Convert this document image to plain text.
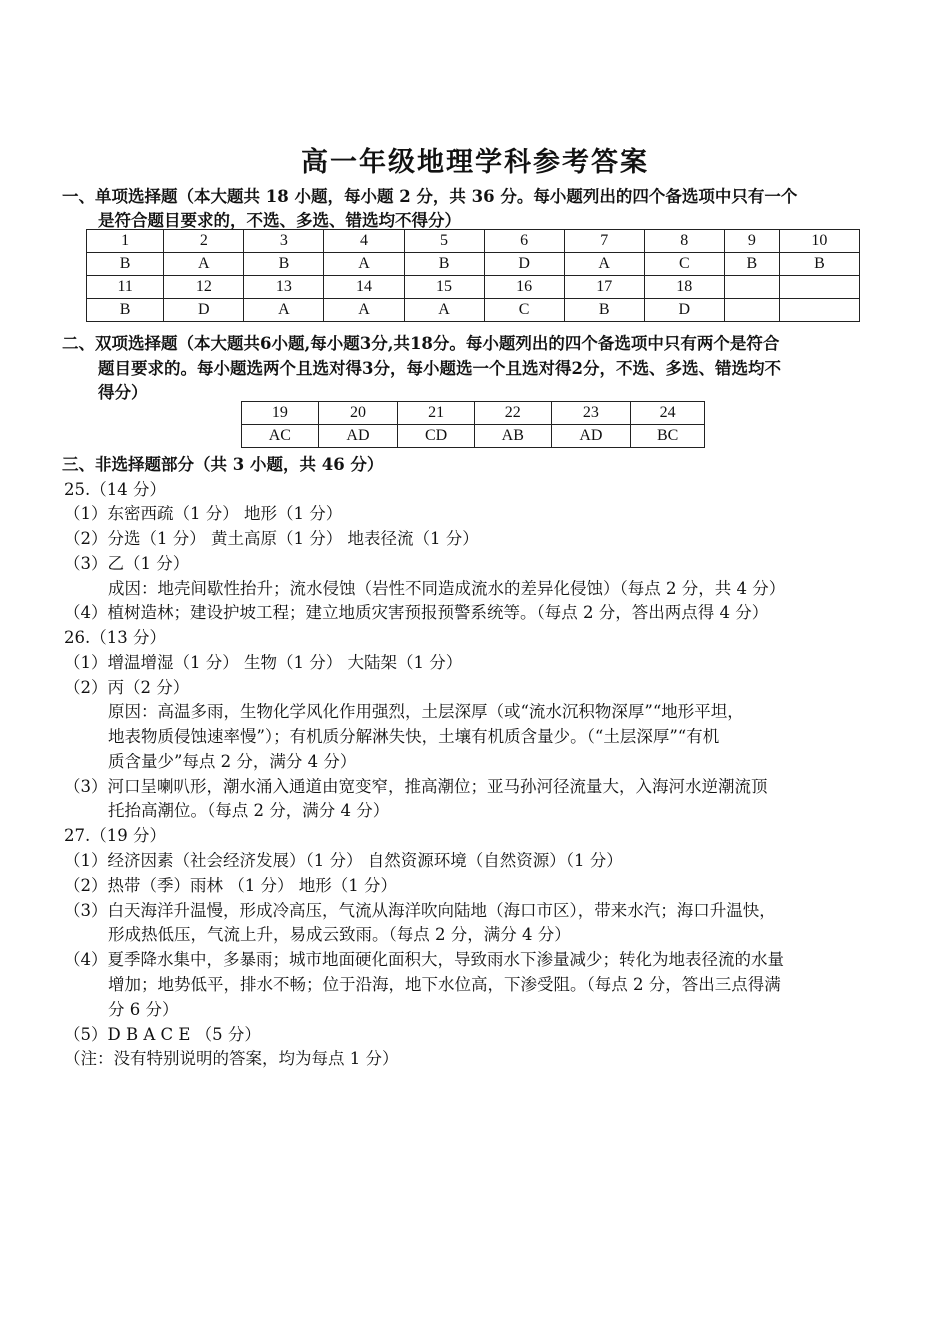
高一年级地理学科参考答案
一、单项选择题（本大题共 18 小题，每小题 2 分，共 36 分。每小题列出的四个备选项中只有一个
是符合题目要求的，不选、多选、错选均不得分）
1	2	3	4	5	6	7	8	9	10
B	A	B	A	B	D	A	C	B	B
11	12	13	14	15	16	17	18		
B	D	A	A	A	C	B	D		
二、双项选择题（本大题共6小题,每小题3分,共18分。每小题列出的四个备选项中只有两个是符合
题目要求的。每小题选两个且选对得3分，每小题选一个且选对得2分，不选、多选、错选均不
得分）
19	20	21	22	23	24
AC	AD	CD	AB	AD	BC
三、非选择题部分（共 3 小题，共 46 分）
25.（14 分）
（1）东密西疏（1 分） 地形（1 分）
（2）分选（1 分） 黄土高原（1 分） 地表径流（1 分）
（3）乙（1 分）
成因：地壳间歇性抬升；流水侵蚀（岩性不同造成流水的差异化侵蚀）（每点 2 分，共 4 分）
（4）植树造林；建设护坡工程；建立地质灾害预报预警系统等。（每点 2 分，答出两点得 4 分）
26.（13 分）
（1）增温增湿（1 分） 生物（1 分） 大陆架（1 分）
（2）丙（2 分）
原因：高温多雨，生物化学风化作用强烈，土层深厚（或“流水沉积物深厚”“地形平坦，
地表物质侵蚀速率慢”）；有机质分解淋失快，土壤有机质含量少。（“土层深厚”“有机
质含量少”每点 2 分，满分 4 分）
（3）河口呈喇叭形，潮水涌入通道由宽变窄，推高潮位；亚马孙河径流量大，入海河水逆潮流顶
托抬高潮位。（每点 2 分，满分 4 分）
27.（19 分）
（1）经济因素（社会经济发展）（1 分） 自然资源环境（自然资源）（1 分）
（2）热带（季）雨林 （1 分） 地形（1 分）
（3）白天海洋升温慢，形成冷高压，气流从海洋吹向陆地（海口市区），带来水汽；海口升温快，
形成热低压，气流上升，易成云致雨。（每点 2 分，满分 4 分）
（4）夏季降水集中，多暴雨；城市地面硬化面积大，导致雨水下渗量减少；转化为地表径流的水量
增加；地势低平，排水不畅；位于沿海，地下水位高，下渗受阻。（每点 2 分，答出三点得满
分 6 分）
（5）D B A C E （5 分）
（注：没有特别说明的答案，均为每点 1 分）
